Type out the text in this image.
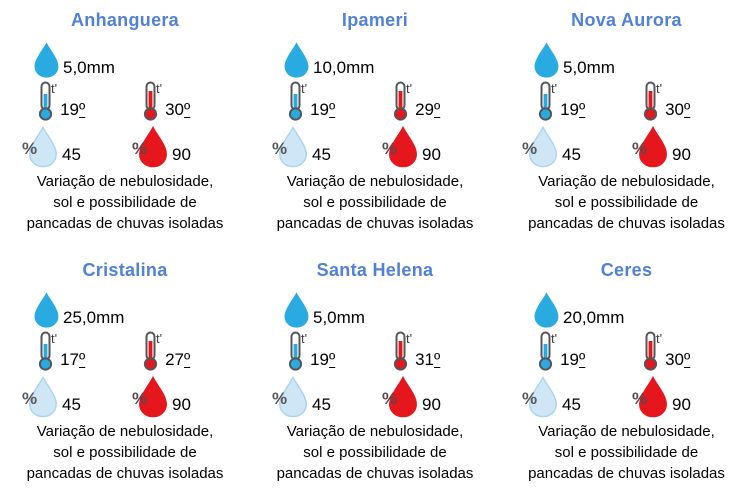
Anhanguera
5,0mm
t'
19º
t'
30º
% 45	% 90
Variação de nebulosidade,
sol e possibilidade de
pancadas de chuvas isoladas
Ipameri
10,0mm
t'
19º
t'
29º
% 45	% 90
Variação de nebulosidade,
sol e possibilidade de
pancadas de chuvas isoladas
Nova Aurora
5,0mm
t'
19º
t'
30º
% 45	% 90
Variação de nebulosidade,
sol e possibilidade de
pancadas de chuvas isoladas
Cristalina
25,0mm
t'
17º
t'
27º
% 45	% 90
Variação de nebulosidade,
sol e possibilidade de
pancadas de chuvas isoladas
Santa Helena
5,0mm
t'
19º
t'
31º
% 45	% 90
Variação de nebulosidade,
sol e possibilidade de
pancadas de chuvas isoladas
Ceres
20,0mm
t'
19º
t'
30º
% 45	% 90
Variação de nebulosidade,
sol e possibilidade de
pancadas de chuvas isoladas
